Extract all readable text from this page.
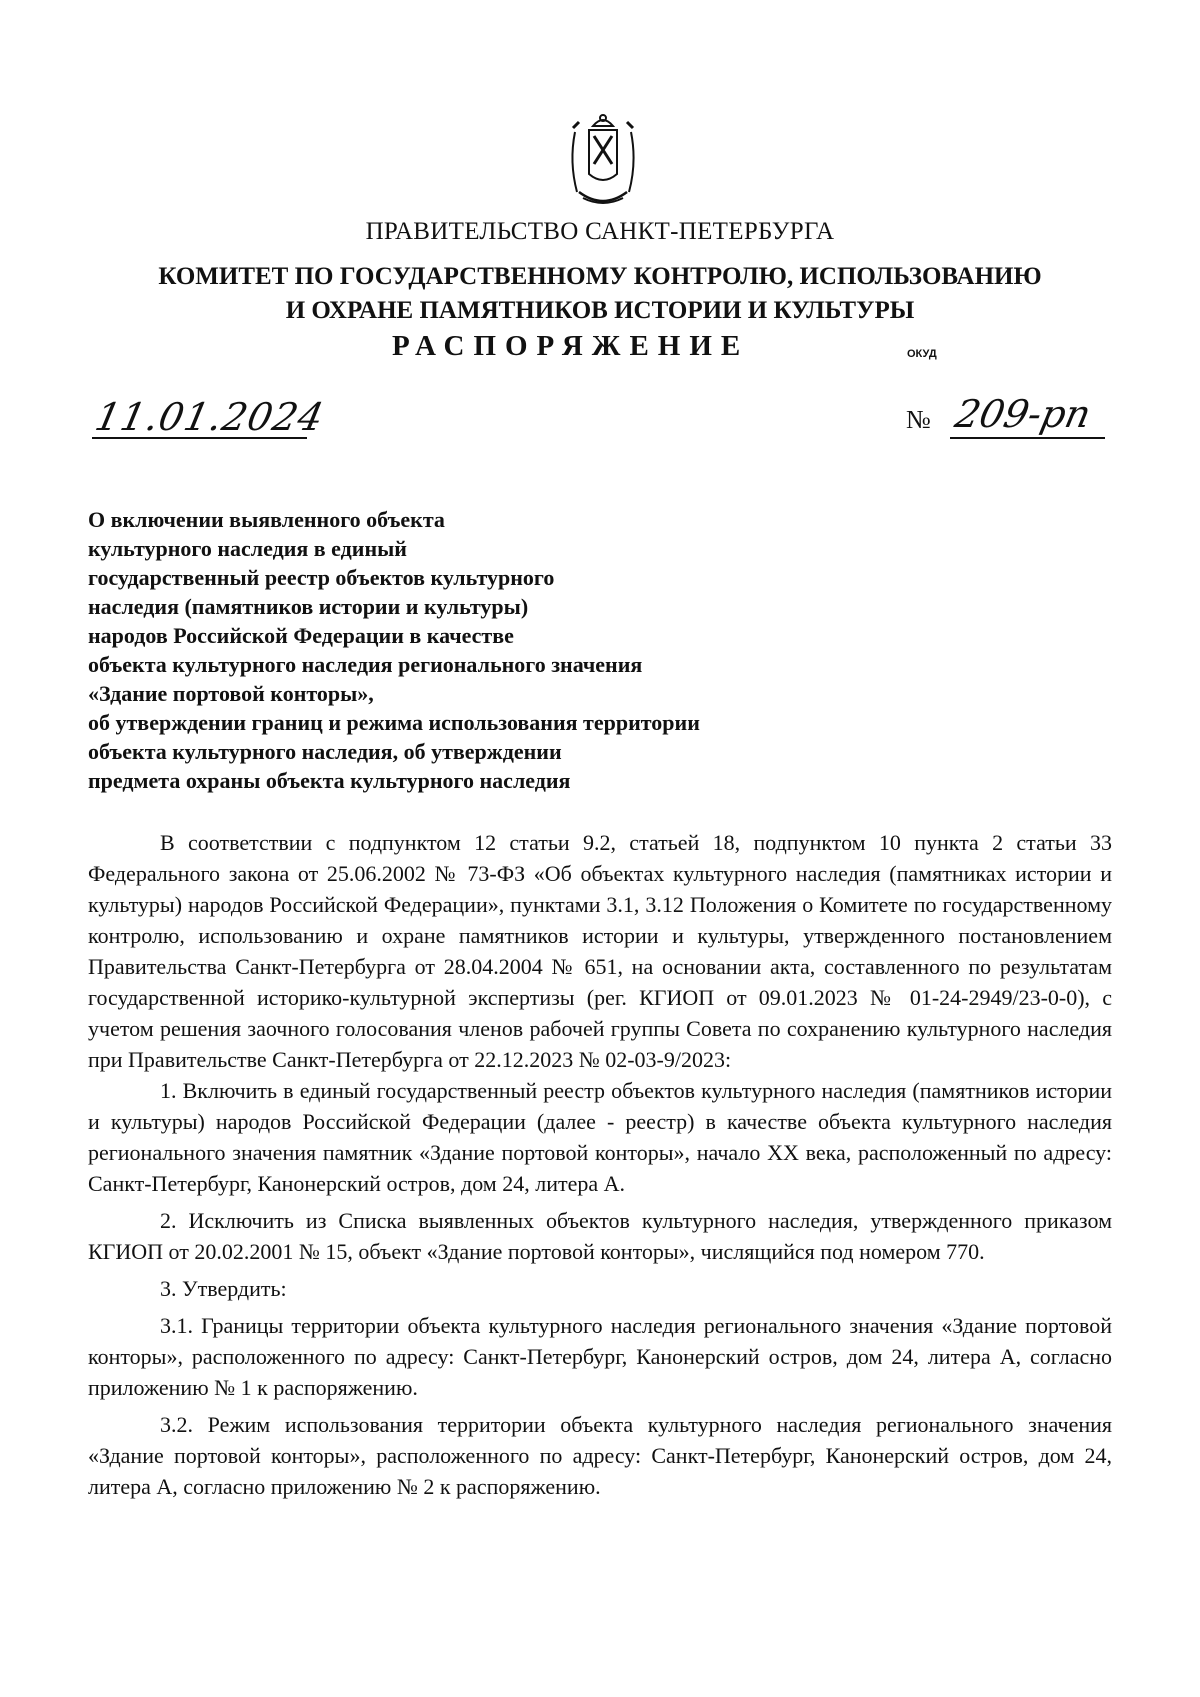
ПРАВИТЕЛЬСТВО САНКТ-ПЕТЕРБУРГА
КОМИТЕТ ПО ГОСУДАРСТВЕННОМУ КОНТРОЛЮ, ИСПОЛЬЗОВАНИЮ
И ОХРАНЕ ПАМЯТНИКОВ ИСТОРИИ И КУЛЬТУРЫ
РАСПОРЯЖЕНИЕ	ОКУД
11.01.2024	№ 209-рп
О включении выявленного объекта
культурного наследия в единый
государственный реестр объектов культурного
наследия (памятников истории и культуры)
народов Российской Федерации в качестве
объекта культурного наследия регионального значения
«Здание портовой конторы»,
об утверждении границ и режима использования территории
объекта культурного наследия, об утверждении
предмета охраны объекта культурного наследия

В соответствии с подпунктом 12 статьи 9.2, статьей 18, подпунктом 10 пункта 2 статьи 33 Федерального закона от 25.06.2002 № 73-ФЗ «Об объектах культурного наследия (памятниках истории и культуры) народов Российской Федерации», пунктами 3.1, 3.12 Положения о Комитете по государственному контролю, использованию и охране памятников истории и культуры, утвержденного постановлением Правительства Санкт-Петербурга от 28.04.2004 № 651, на основании акта, составленного по результатам государственной историко-культурной экспертизы (рег. КГИОП от 09.01.2023 № 01-24-2949/23-0-0), с учетом решения заочного голосования членов рабочей группы Совета по сохранению культурного наследия при Правительстве Санкт-Петербурга от 22.12.2023 № 02-03-9/2023:

1. Включить в единый государственный реестр объектов культурного наследия (памятников истории и культуры) народов Российской Федерации (далее - реестр) в качестве объекта культурного наследия регионального значения памятник «Здание портовой конторы», начало XX века, расположенный по адресу: Санкт-Петербург, Канонерский остров, дом 24, литера А.

2. Исключить из Списка выявленных объектов культурного наследия, утвержденного приказом КГИОП от 20.02.2001 № 15, объект «Здание портовой конторы», числящийся под номером 770.

3. Утвердить:

3.1. Границы территории объекта культурного наследия регионального значения «Здание портовой конторы», расположенного по адресу: Санкт-Петербург, Канонерский остров, дом 24, литера А, согласно приложению № 1 к распоряжению.

3.2. Режим использования территории объекта культурного наследия регионального значения «Здание портовой конторы», расположенного по адресу: Санкт-Петербург, Канонерский остров, дом 24, литера А, согласно приложению № 2 к распоряжению.
